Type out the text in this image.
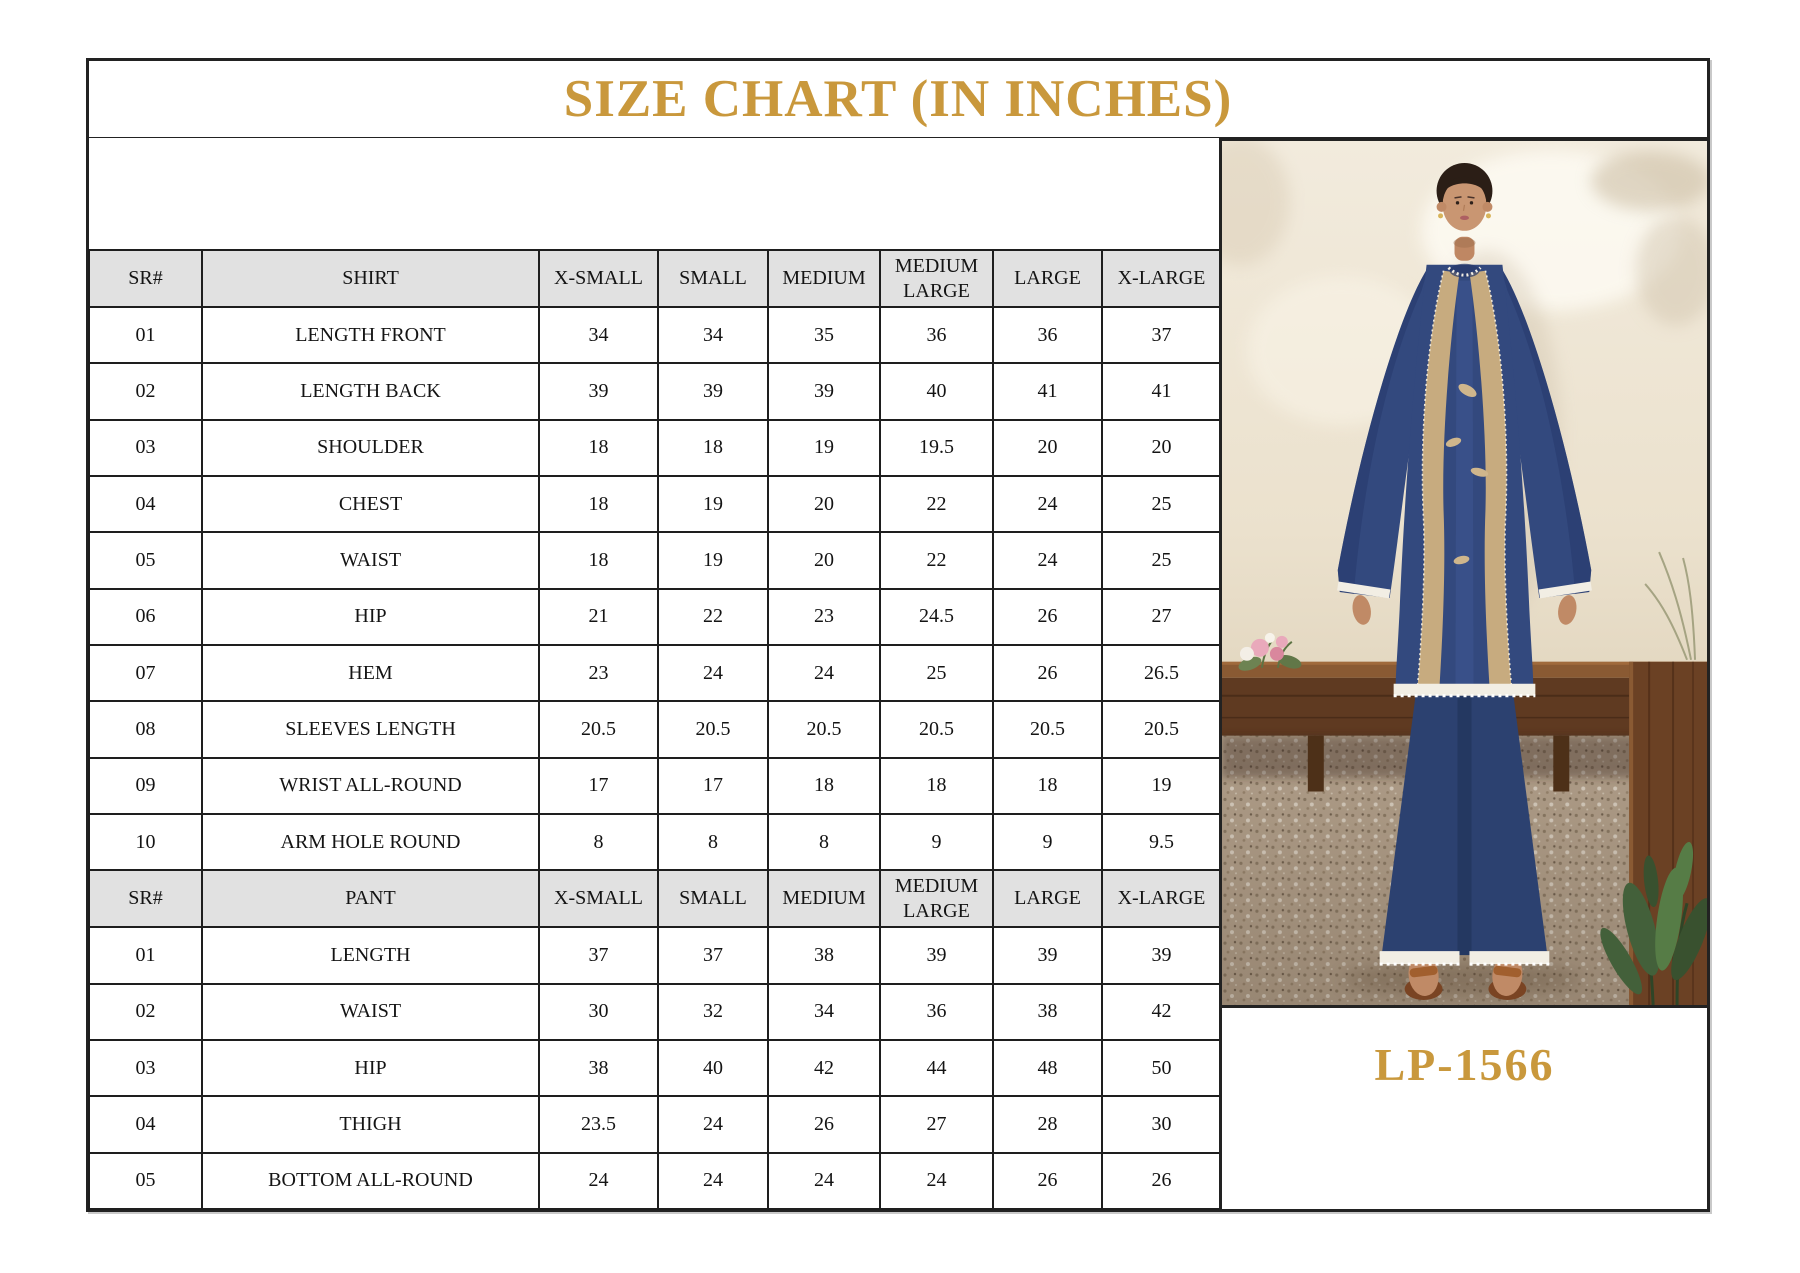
SIZE CHART (IN INCHES)
SR#	SHIRT	X-SMALL	SMALL	MEDIUM	MEDIUM LARGE	LARGE	X-LARGE
01	LENGTH FRONT	34	34	35	36	36	37
02	LENGTH BACK	39	39	39	40	41	41
03	SHOULDER	18	18	19	19.5	20	20
04	CHEST	18	19	20	22	24	25
05	WAIST	18	19	20	22	24	25
06	HIP	21	22	23	24.5	26	27
07	HEM	23	24	24	25	26	26.5
08	SLEEVES LENGTH	20.5	20.5	20.5	20.5	20.5	20.5
09	WRIST ALL-ROUND	17	17	18	18	18	19
10	ARM HOLE ROUND	8	8	8	9	9	9.5
SR#	PANT	X-SMALL	SMALL	MEDIUM	MEDIUM LARGE	LARGE	X-LARGE
01	LENGTH	37	37	38	39	39	39
02	WAIST	30	32	34	36	38	42
03	HIP	38	40	42	44	48	50
04	THIGH	23.5	24	26	27	28	30
05	BOTTOM ALL-ROUND	24	24	24	24	26	26
LP-1566
